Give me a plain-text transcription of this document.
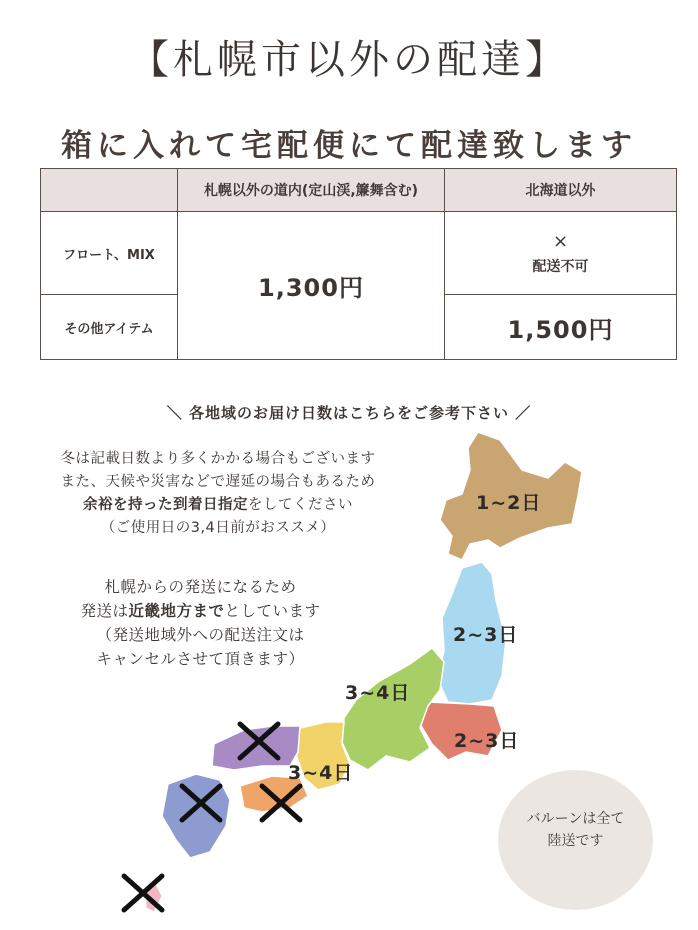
【札幌市以外の配達】
箱に入れて宅配便にて配達致します
	札幌以外の道内(定山渓,簾舞含む)	北海道以外
フロート、MIX	1,300円	×
配送不可

その他アイテム		1,500円
＼ 各地域のお届け日数はこちらをご参考下さい ／
冬は記載日数より多くかかる場合もございます
また、天候や災害などで遅延の場合もあるため
余裕を持った到着日指定をしてください
（ご使用日の3,4日前がおススメ）
札幌からの発送になるため
発送は近畿地方までとしています
（発送地域外への配送注文は
キャンセルさせて頂きます）
1~2日
2~3日
3~4日
2~3日
3~4日
バルーンは全て
陸送です
